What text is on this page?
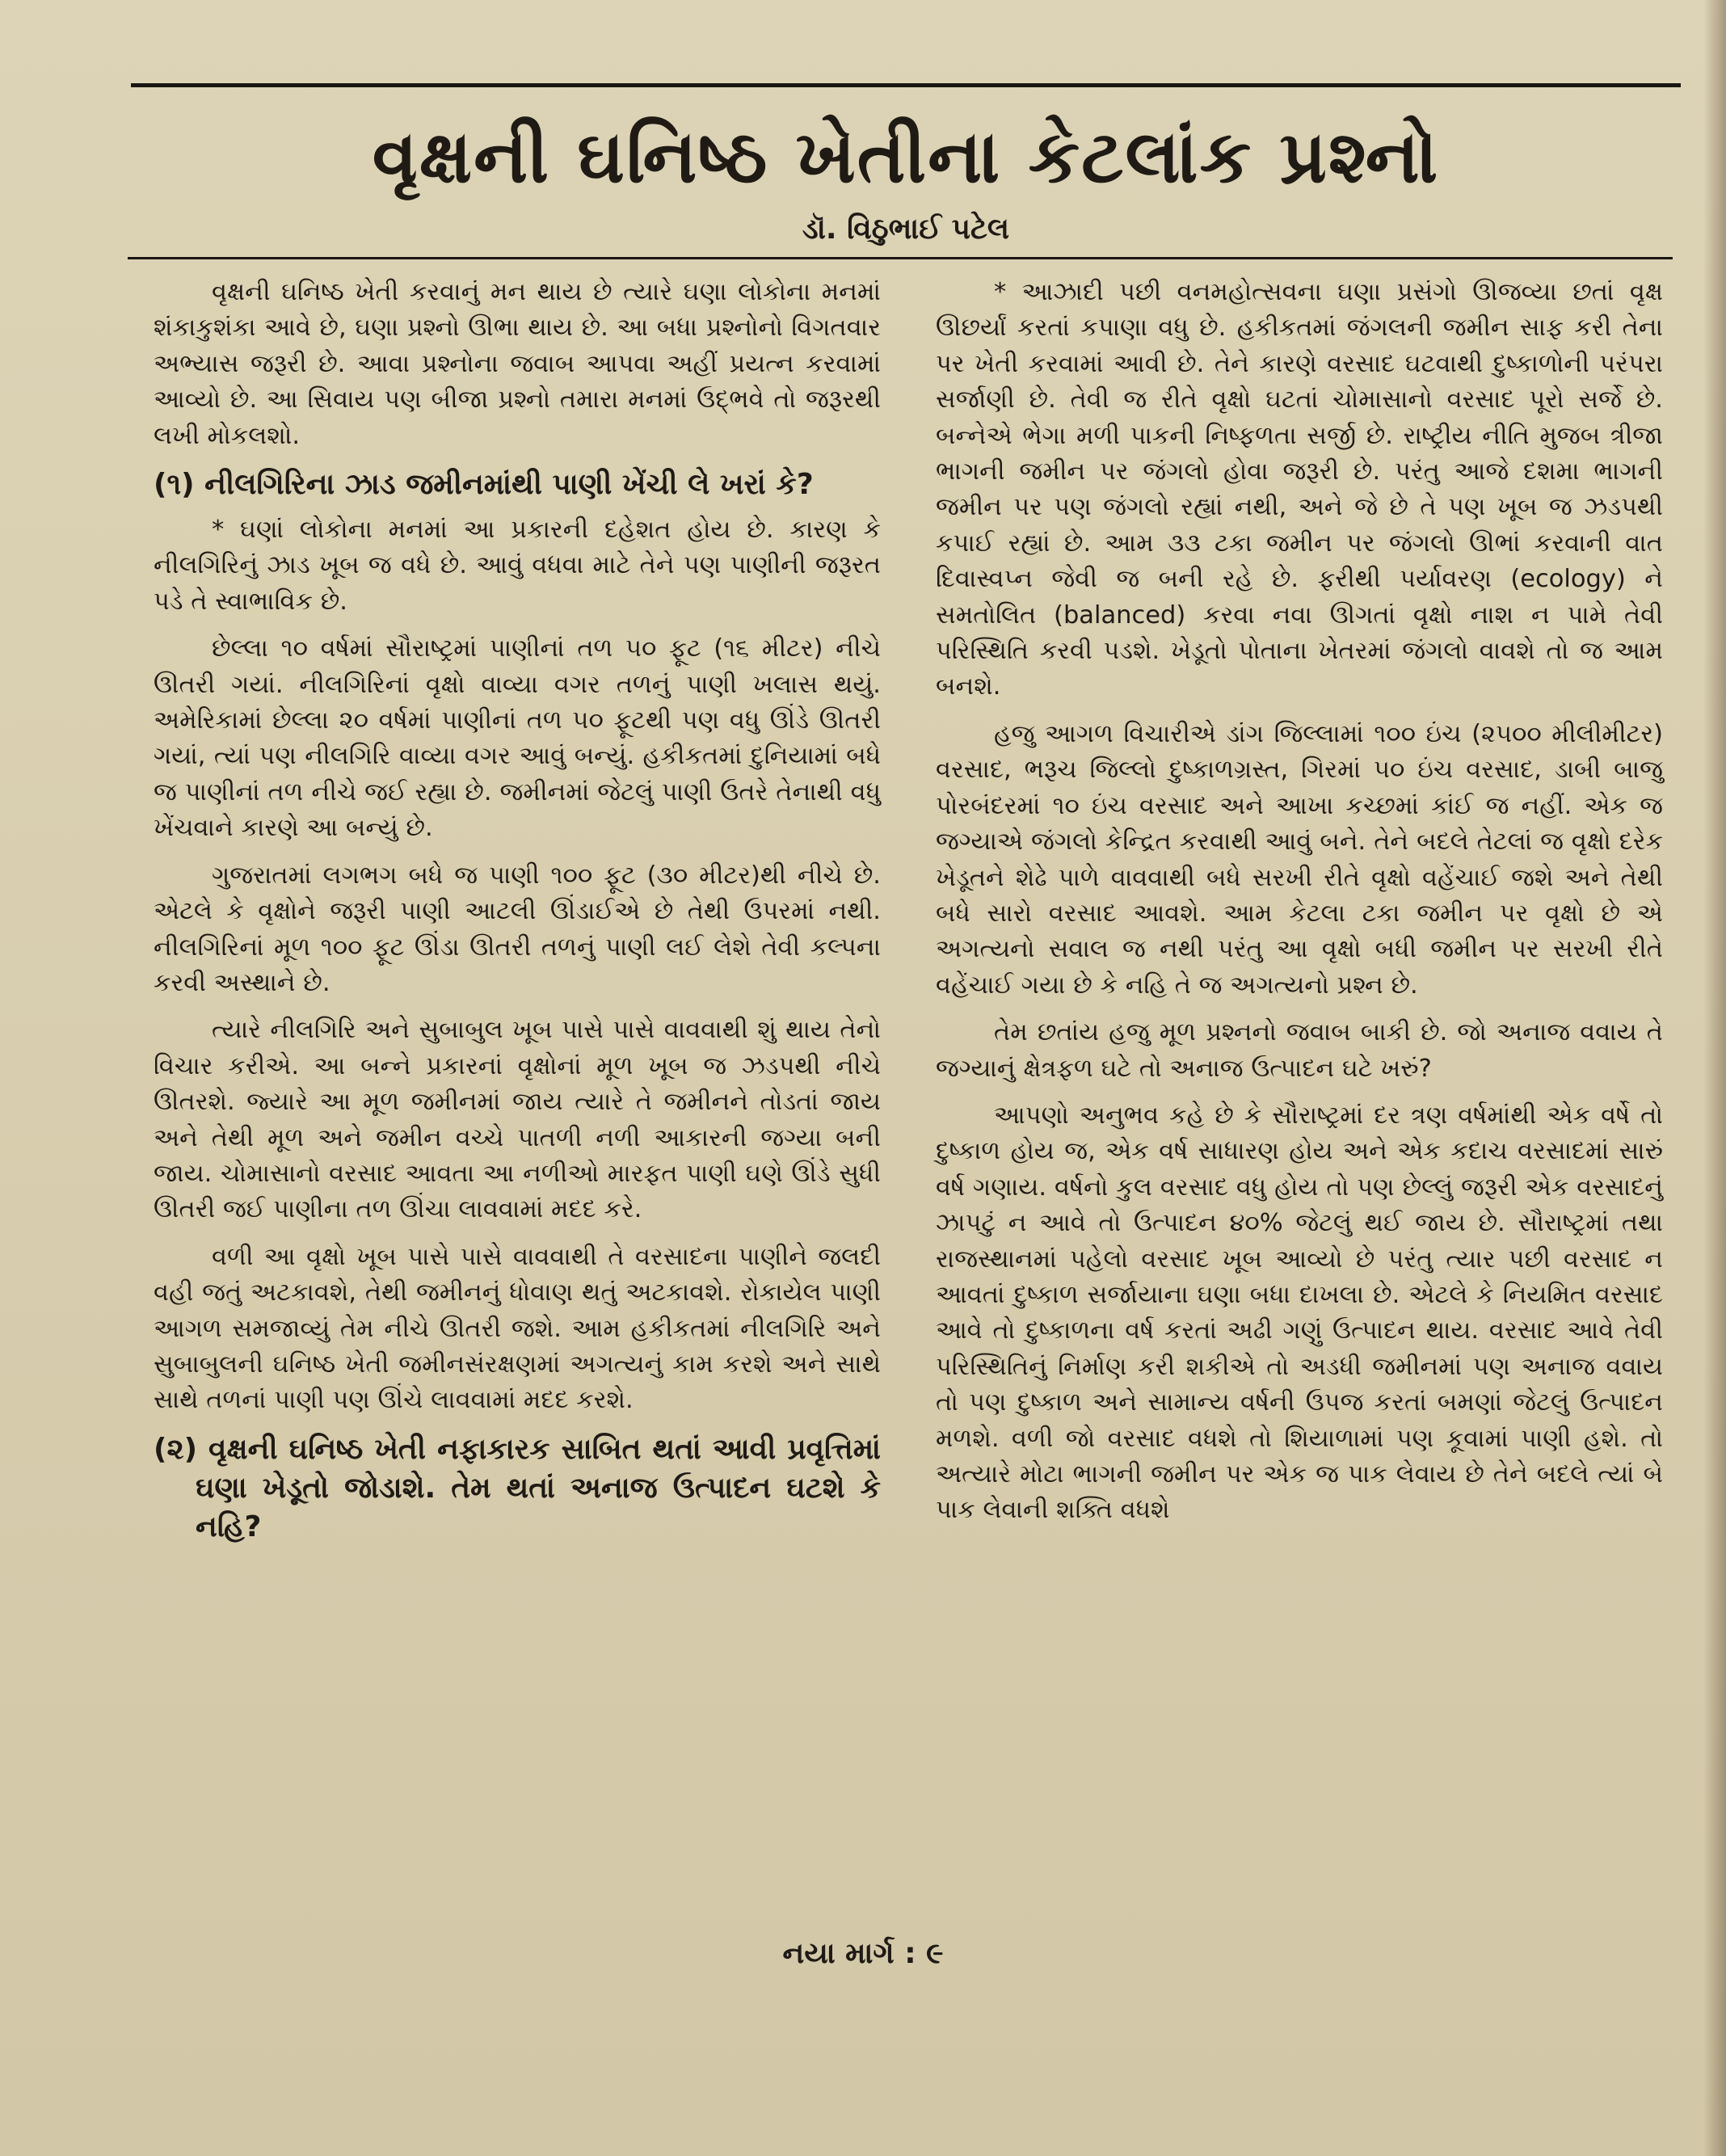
વૃક્ષની ઘનિષ્ઠ ખેતીના કેટલાંક પ્રશ્નો
ડૉ. વિઠુભાઈ પટેલ

વૃક્ષની ઘનિષ્ઠ ખેતી કરવાનું મન થાય છે ત્યારે ઘણા લોકોના મનમાં શંકાકુશંકા આવે છે, ઘણા પ્રશ્નો ઊભા થાય છે. આ બધા પ્રશ્નોનો વિગતવાર અભ્યાસ જરૂરી છે. આવા પ્રશ્નોના જવાબ આપવા અહીં પ્રયત્ન કરવામાં આવ્યો છે. આ સિવાય પણ બીજા પ્રશ્નો તમારા મનમાં ઉદ્ભવે તો જરૂરથી લખી મોકલશો.

(૧) નીલગિરિના ઝાડ જમીનમાંથી પાણી ખેંચી લે ખરાં કે?

* ઘણાં લોકોના મનમાં આ પ્રકારની દહેશત હોય છે. કારણ કે નીલગિરિનું ઝાડ ખૂબ જ વધે છે. આવું વધવા માટે તેને પણ પાણીની જરૂરત પડે તે સ્વાભાવિક છે.

છેલ્લા ૧૦ વર્ષમાં સૌરાષ્ટ્રમાં પાણીનાં તળ ૫૦ ફૂટ (૧૬ મીટર) નીચે ઊતરી ગયાં. નીલગિરિનાં વૃક્ષો વાવ્યા વગર તળનું પાણી ખલાસ થયું. અમેરિકામાં છેલ્લા ૨૦ વર્ષમાં પાણીનાં તળ ૫૦ ફૂટથી પણ વધુ ઊંડે ઊતરી ગયાં, ત્યાં પણ નીલગિરિ વાવ્યા વગર આવું બન્યું. હકીકતમાં દુનિયામાં બધે જ પાણીનાં તળ નીચે જઈ રહ્યા છે. જમીનમાં જેટલું પાણી ઉતરે તેનાથી વધુ ખેંચવાને કારણે આ બન્યું છે.

ગુજરાતમાં લગભગ બધે જ પાણી ૧૦૦ ફૂટ (૩૦ મીટર)થી નીચે છે. એટલે કે વૃક્ષોને જરૂરી પાણી આટલી ઊંડાઈએ છે તેથી ઉપરમાં નથી. નીલગિરિનાં મૂળ ૧૦૦ ફૂટ ઊંડા ઊતરી તળનું પાણી લઈ લેશે તેવી કલ્પના કરવી અસ્થાને છે.

ત્યારે નીલગિરિ અને સુબાબુલ ખૂબ પાસે પાસે વાવવાથી શું થાય તેનો વિચાર કરીએ. આ બન્ને પ્રકારનાં વૃક્ષોનાં મૂળ ખૂબ જ ઝડપથી નીચે ઊતરશે. જ્યારે આ મૂળ જમીનમાં જાય ત્યારે તે જમીનને તોડતાં જાય અને તેથી મૂળ અને જમીન વચ્ચે પાતળી નળી આકારની જગ્યા બની જાય. ચોમાસાનો વરસાદ આવતા આ નળીઓ મારફત પાણી ઘણે ઊંડે સુધી ઊતરી જઈ પાણીના તળ ઊંચા લાવવામાં મદદ કરે.

વળી આ વૃક્ષો ખૂબ પાસે પાસે વાવવાથી તે વરસાદના પાણીને જલદી વહી જતું અટકાવશે, તેથી જમીનનું ધોવાણ થતું અટકાવશે. રોકાયેલ પાણી આગળ સમજાવ્યું તેમ નીચે ઊતરી જશે. આમ હકીકતમાં નીલગિરિ અને સુબાબુલની ઘનિષ્ઠ ખેતી જમીનસંરક્ષણમાં અગત્યનું કામ કરશે અને સાથે સાથે તળનાં પાણી પણ ઊંચે લાવવામાં મદદ કરશે.

(૨) વૃક્ષની ઘનિષ્ઠ ખેતી નફાકારક સાબિત થતાં આવી પ્રવૃત્તિમાં ઘણા ખેડૂતો જોડાશે. તેમ થતાં અનાજ ઉત્પાદન ઘટશે કે નહિ?

* આઝાદી પછી વનમહોત્સવના ઘણા પ્રસંગો ઊજવ્યા છતાં વૃક્ષ ઊછર્યાં કરતાં કપાણા વધુ છે. હકીકતમાં જંગલની જમીન સાફ કરી તેના પર ખેતી કરવામાં આવી છે. તેને કારણે વરસાદ ઘટવાથી દુષ્કાળોની પરંપરા સર્જાણી છે. તેવી જ રીતે વૃક્ષો ઘટતાં ચોમાસાનો વરસાદ પૂરો સર્જે છે. બન્નેએ ભેગા મળી પાકની નિષ્ફળતા સર્જી છે. રાષ્ટ્રીય નીતિ મુજબ ત્રીજા ભાગની જમીન પર જંગલો હોવા જરૂરી છે. પરંતુ આજે દશમા ભાગની જમીન પર પણ જંગલો રહ્યાં નથી, અને જે છે તે પણ ખૂબ જ ઝડપથી કપાઈ રહ્યાં છે. આમ ૩૩ ટકા જમીન પર જંગલો ઊભાં કરવાની વાત દિવાસ્વપ્ન જેવી જ બની રહે છે. ફરીથી પર્યાવરણ (ecology) ને સમતોલિત (balanced) કરવા નવા ઊગતાં વૃક્ષો નાશ ન પામે તેવી પરિસ્થિતિ કરવી પડશે. ખેડૂતો પોતાના ખેતરમાં જંગલો વાવશે તો જ આમ બનશે.

હજુ આગળ વિચારીએ ડાંગ જિલ્લામાં ૧૦૦ ઇંચ (૨૫૦૦ મીલીમીટર) વરસાદ, ભરૂચ જિલ્લો દુષ્કાળગ્રસ્ત, ગિરમાં ૫૦ ઇંચ વરસાદ, ડાબી બાજુ પોરબંદરમાં ૧૦ ઇંચ વરસાદ અને આખા કચ્છમાં કાંઈ જ નહીં. એક જ જગ્યાએ જંગલો કેન્દ્રિત કરવાથી આવું બને. તેને બદલે તેટલાં જ વૃક્ષો દરેક ખેડૂતને શેઢે પાળે વાવવાથી બધે સરખી રીતે વૃક્ષો વહેંચાઈ જશે અને તેથી બધે સારો વરસાદ આવશે. આમ કેટલા ટકા જમીન પર વૃક્ષો છે એ અગત્યનો સવાલ જ નથી પરંતુ આ વૃક્ષો બધી જમીન પર સરખી રીતે વહેંચાઈ ગયા છે કે નહિ તે જ અગત્યનો પ્રશ્ન છે.

તેમ છતાંય હજુ મૂળ પ્રશ્નનો જવાબ બાકી છે. જો અનાજ વવાય તે જગ્યાનું ક્ષેત્રફળ ઘટે તો અનાજ ઉત્પાદન ઘટે ખરું?

આપણો અનુભવ કહે છે કે સૌરાષ્ટ્રમાં દર ત્રણ વર્ષમાંથી એક વર્ષે તો દુષ્કાળ હોય જ, એક વર્ષ સાધારણ હોય અને એક કદાચ વરસાદમાં સારું વર્ષ ગણાય. વર્ષનો કુલ વરસાદ વધુ હોય તો પણ છેલ્લું જરૂરી એક વરસાદનું ઝાપટું ન આવે તો ઉત્પાદન ૪૦% જેટલું થઈ જાય છે. સૌરાષ્ટ્રમાં તથા રાજસ્થાનમાં પહેલો વરસાદ ખૂબ આવ્યો છે પરંતુ ત્યાર પછી વરસાદ ન આવતાં દુષ્કાળ સર્જાયાના ઘણા બધા દાખલા છે. એટલે કે નિયમિત વરસાદ આવે તો દુષ્કાળના વર્ષ કરતાં અઢી ગણું ઉત્પાદન થાય. વરસાદ આવે તેવી પરિસ્થિતિનું નિર્માણ કરી શકીએ તો અડધી જમીનમાં પણ અનાજ વવાય તો પણ દુષ્કાળ અને સામાન્ય વર્ષની ઉપજ કરતાં બમણાં જેટલું ઉત્પાદન મળશે. વળી જો વરસાદ વધશે તો શિયાળામાં પણ કૂવામાં પાણી હશે. તો અત્યારે મોટા ભાગની જમીન પર એક જ પાક લેવાય છે તેને બદલે ત્યાં બે પાક લેવાની શક્તિ વધશે

નયા માર્ગ : ૯
